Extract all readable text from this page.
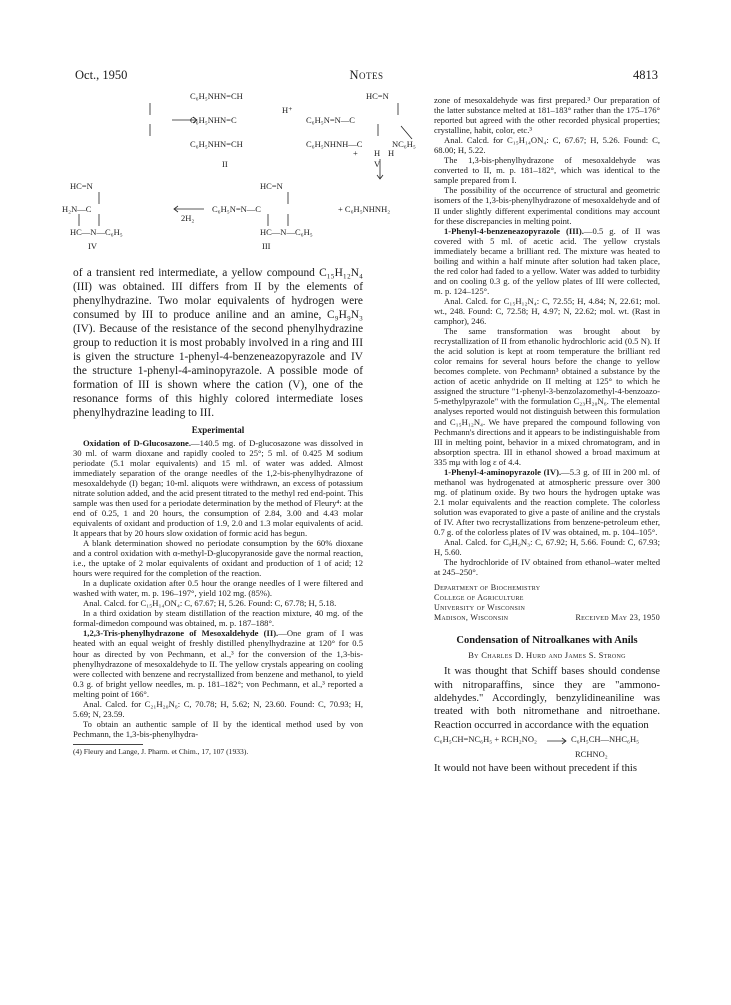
Oct., 1950	Notes	4813
C₆H₅NHN=CH
C₆H₅NHN=C
C₆H₅NHN=CH
II
H⁺
HC=N
C₆H₅N=N—C
C₆H₅NHNH—C	NC₆H₅
+ H H
V
HC=N
C₆H₅N=N—C
HC—N—C₆H₅
III
2H₂
+ C₆H₅NHNH₂
HC=N
H₂N—C
HC—N—C₆H₅
IV

of a transient red intermediate, a yellow compound C₁₅H₁₂N₄ (III) was obtained. III differs from II by the elements of phenylhydrazine. Two molar equivalents of hydrogen were consumed by III to produce aniline and an amine, C₉H₉N₃ (IV). Because of the resistance of the second phenylhydrazine group to reduction it is most probably involved in a ring and III is given the structure 1-phenyl-4-benzeneazopyrazole and IV the structure 1-phenyl-4-aminopyrazole. A possible mode of formation of III is shown where the cation (V), one of the resonance forms of this highly colored intermediate loses phenylhydrazine leading to III.

Experimental

Oxidation of D-Glucosazone.—140.5 mg. of D-glucosazone was dissolved in 30 ml. of warm dioxane and rapidly cooled to 25°; 5 ml. of 0.425 M sodium periodate (5.1 molar equivalents) and 15 ml. of water was added. Almost immediately separation of the orange needles of the 1,2-bis-phenylhydrazone of mesoxaldehyde (I) began; 10-ml. aliquots were withdrawn, an excess of potassium nitrate solution added, and the acid present titrated to the methyl red end-point. This sample was then used for a periodate determination by the method of Fleury⁴: at the end of 0.25, 1 and 20 hours, the consumption of 2.84, 3.00 and 4.43 molar equivalents of oxidant and production of 1.9, 2.0 and 1.3 molar equivalents of acid. It appears that by 20 hours slow oxidation of formic acid has begun.

A blank determination showed no periodate consumption by the 60% dioxane and a control oxidation with α-methyl-D-glucopyranoside gave the normal reaction, i.e., the uptake of 2 molar equivalents of oxidant and production of 1 of acid; 12 hours were required for the completion of the reaction.

In a duplicate oxidation after 0.5 hour the orange needles of I were filtered and washed with water, m. p. 196–197°, yield 102 mg. (85%).

Anal. Calcd. for C₁₅H₁₄ON₄: C, 67.67; H, 5.26. Found: C, 67.78; H, 5.18.

In a third oxidation by steam distillation of the reaction mixture, 40 mg. of the formal-dimedon compound was obtained, m. p. 187–188°.

1,2,3-Tris-phenylhydrazone of Mesoxaldehyde (II).—One gram of I was heated with an equal weight of freshly distilled phenylhydrazine at 120° for 0.5 hour as directed by von Pechmann, et al.,³ for the conversion of the 1,3-bis-phenylhydrazone of mesoxaldehyde to II. The yellow crystals appearing on cooling were collected with benzene and recrystallized from benzene and methanol, to yield 0.3 g. of bright yellow needles, m. p. 181–182°; von Pechmann, et al.,³ reported a melting point of 166°.

Anal. Calcd. for C₂₁H₂₀N₆: C, 70.78; H, 5.62; N, 23.60. Found: C, 70.93; H, 5.69; N, 23.59.

To obtain an authentic sample of II by the identical method used by von Pechmann, the 1,3-bis-phenylhydra-

(4) Fleury and Lange, J. Pharm. et Chim., 17, 107 (1933).

zone of mesoxaldehyde was first prepared.³ Our preparation of the latter substance melted at 181–183° rather than the 175–176° reported but agreed with the other recorded physical properties; crystalline, habit, color, etc.³

Anal. Calcd. for C₁₅H₁₄ON₄: C, 67.67; H, 5.26. Found: C, 68.00; H, 5.22.

The 1,3-bis-phenylhydrazone of mesoxaldehyde was converted to II, m. p. 181–182°, which was identical to the sample prepared from I.

The possibility of the occurrence of structural and geometric isomers of the 1,3-bis-phenylhydrazone of mesoxaldehyde and of II under slightly different experimental conditions may account for these discrepancies in melting point.

1-Phenyl-4-benzeneazopyrazole (III).—0.5 g. of II was covered with 5 ml. of acetic acid. The yellow crystals immediately became a brilliant red. The mixture was heated to boiling and within a half minute after solution had taken place, the red color had faded to a yellow. Water was added to turbidity and on cooling 0.3 g. of the yellow plates of III were collected, m. p. 124–125°.

Anal. Calcd. for C₁₅H₁₂N₄: C, 72.55; H, 4.84; N, 22.61; mol. wt., 248. Found: C, 72.58; H, 4.97; N, 22.62; mol. wt. (Rast in camphor), 246.

The same transformation was brought about by recrystallization of II from ethanolic hydrochloric acid (0.5 N). If the acid solution is kept at room temperature the brilliant red color remains for several hours before the change to yellow becomes complete. von Pechmann³ obtained a substance by the action of acetic anhydride on II melting at 125° to which he assigned the structure "1-phenyl-3-benzolazomethyl-4-benzoazo-5-methylpyrazole" with the formulation C₂₃H₂₀N₆. The elemental analyses reported would not distinguish between this formulation and C₁₅H₁₂N₄. We have prepared the compound following von Pechmann's directions and it appears to be indistinguishable from III in melting point, behavior in a mixed chromatogram, and in absorption spectra. III in ethanol showed a broad maximum at 335 mμ with log ε of 4.4.

1-Phenyl-4-aminopyrazole (IV).—5.3 g. of III in 200 ml. of methanol was hydrogenated at atmospheric pressure over 300 mg. of platinum oxide. By two hours the hydrogen uptake was 2.1 molar equivalents and the reaction complete. The colorless solution was evaporated to give a paste of aniline and the crystals of IV. After two recrystallizations from benzene-petroleum ether, 0.7 g. of the colorless plates of IV was obtained, m. p. 104–105°.

Anal. Calcd. for C₉H₉N₃: C, 67.92; H, 5.66. Found: C, 67.93; H, 5.60.

The hydrochloride of IV obtained from ethanol–water melted at 245–250°.

Department of Biochemistry
College of Agriculture
University of Wisconsin
Madison, Wisconsin	Received May 23, 1950
Condensation of Nitroalkanes with Anils
By Charles D. Hurd and James S. Strong

It was thought that Schiff bases should condense with nitroparaffins, since they are "ammono-aldehydes." Accordingly, benzylidineaniline was treated with both nitromethane and nitroethane. Reaction occurred in accordance with the equation

C₆H₅CH=NC₆H₅ + RCH₂NO₂	C₆H₅CH—NHC₆H₅
RCHNO₂

It would not have been without precedent if this
